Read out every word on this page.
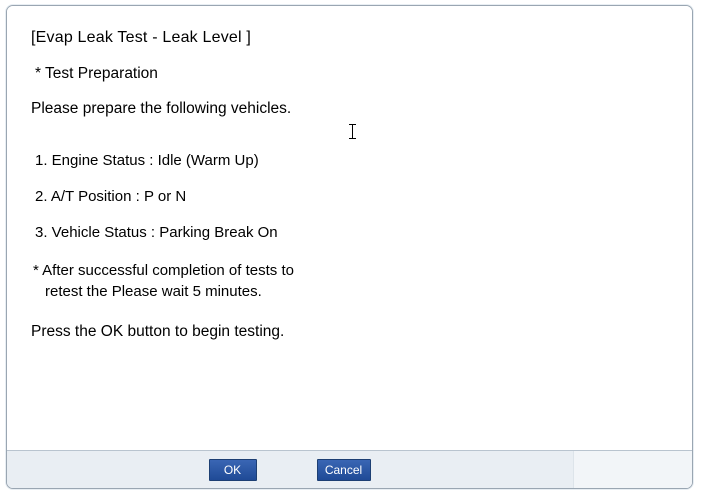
[Evap Leak Test - Leak Level ]
* Test Preparation
Please prepare the following vehicles.
1. Engine Status : Idle (Warm Up)
2. A/T Position : P or N
3. Vehicle Status : Parking Break On
* After successful completion of tests to
retest the Please wait 5 minutes.
Press the OK button to begin testing.
OK	Cancel
